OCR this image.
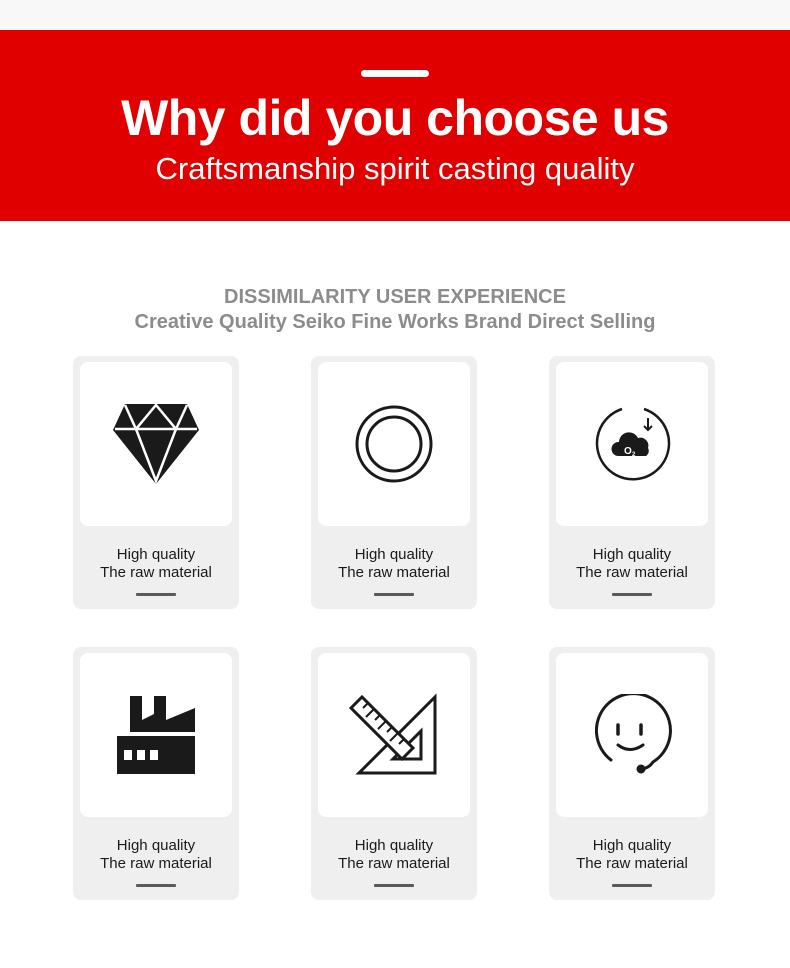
Why did you choose us
Craftsmanship spirit casting quality
DISSIMILARITY USER EXPERIENCE
Creative Quality Seiko Fine Works Brand Direct Selling
High quality
The raw material
High quality
The raw material
O 2
High quality
The raw material
High quality
The raw material
High quality
The raw material
High quality
The raw material
